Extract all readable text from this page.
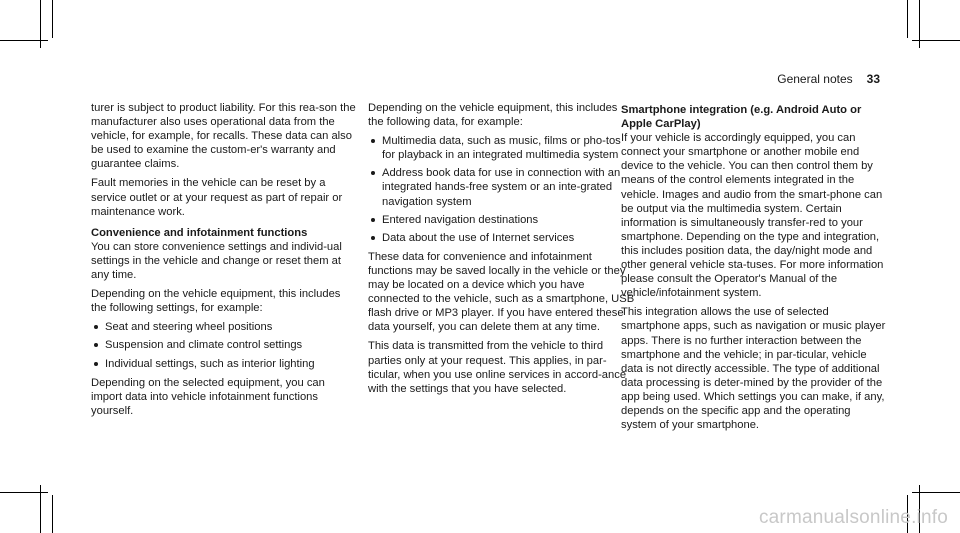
General notes 33

turer is subject to product liability. For this rea-son the manufacturer also uses operational data from the vehicle, for example, for recalls. These data can also be used to examine the custom-er's warranty and guarantee claims.

Fault memories in the vehicle can be reset by a service outlet or at your request as part of repair or maintenance work.

Convenience and infotainment functions

You can store convenience settings and individ-ual settings in the vehicle and change or reset them at any time.

Depending on the vehicle equipment, this includes the following settings, for example:

Seat and steering wheel positions
Suspension and climate control settings
Individual settings, such as interior lighting

Depending on the selected equipment, you can import data into vehicle infotainment functions yourself.

Depending on the vehicle equipment, this includes the following data, for example:

Multimedia data, such as music, films or pho-tos for playback in an integrated multimedia system
Address book data for use in connection with an integrated hands-free system or an inte-grated navigation system
Entered navigation destinations
Data about the use of Internet services

These data for convenience and infotainment functions may be saved locally in the vehicle or they may be located on a device which you have connected to the vehicle, such as a smartphone, USB flash drive or MP3 player. If you have entered these data yourself, you can delete them at any time.

This data is transmitted from the vehicle to third parties only at your request. This applies, in par-ticular, when you use online services in accord-ance with the settings that you have selected.

Smartphone integration (e.g. Android Auto or Apple CarPlay)

If your vehicle is accordingly equipped, you can connect your smartphone or another mobile end device to the vehicle. You can then control them by means of the control elements integrated in the vehicle. Images and audio from the smart-phone can be output via the multimedia system. Certain information is simultaneously transfer-red to your smartphone. Depending on the type and integration, this includes position data, the day/night mode and other general vehicle sta-tuses. For more information please consult the Operator's Manual of the vehicle/infotainment system.

This integration allows the use of selected smartphone apps, such as navigation or music player apps. There is no further interaction between the smartphone and the vehicle; in par-ticular, vehicle data is not directly accessible. The type of additional data processing is deter-mined by the provider of the app being used. Which settings you can make, if any, depends on the specific app and the operating system of your smartphone.

carmanualsonline.info
